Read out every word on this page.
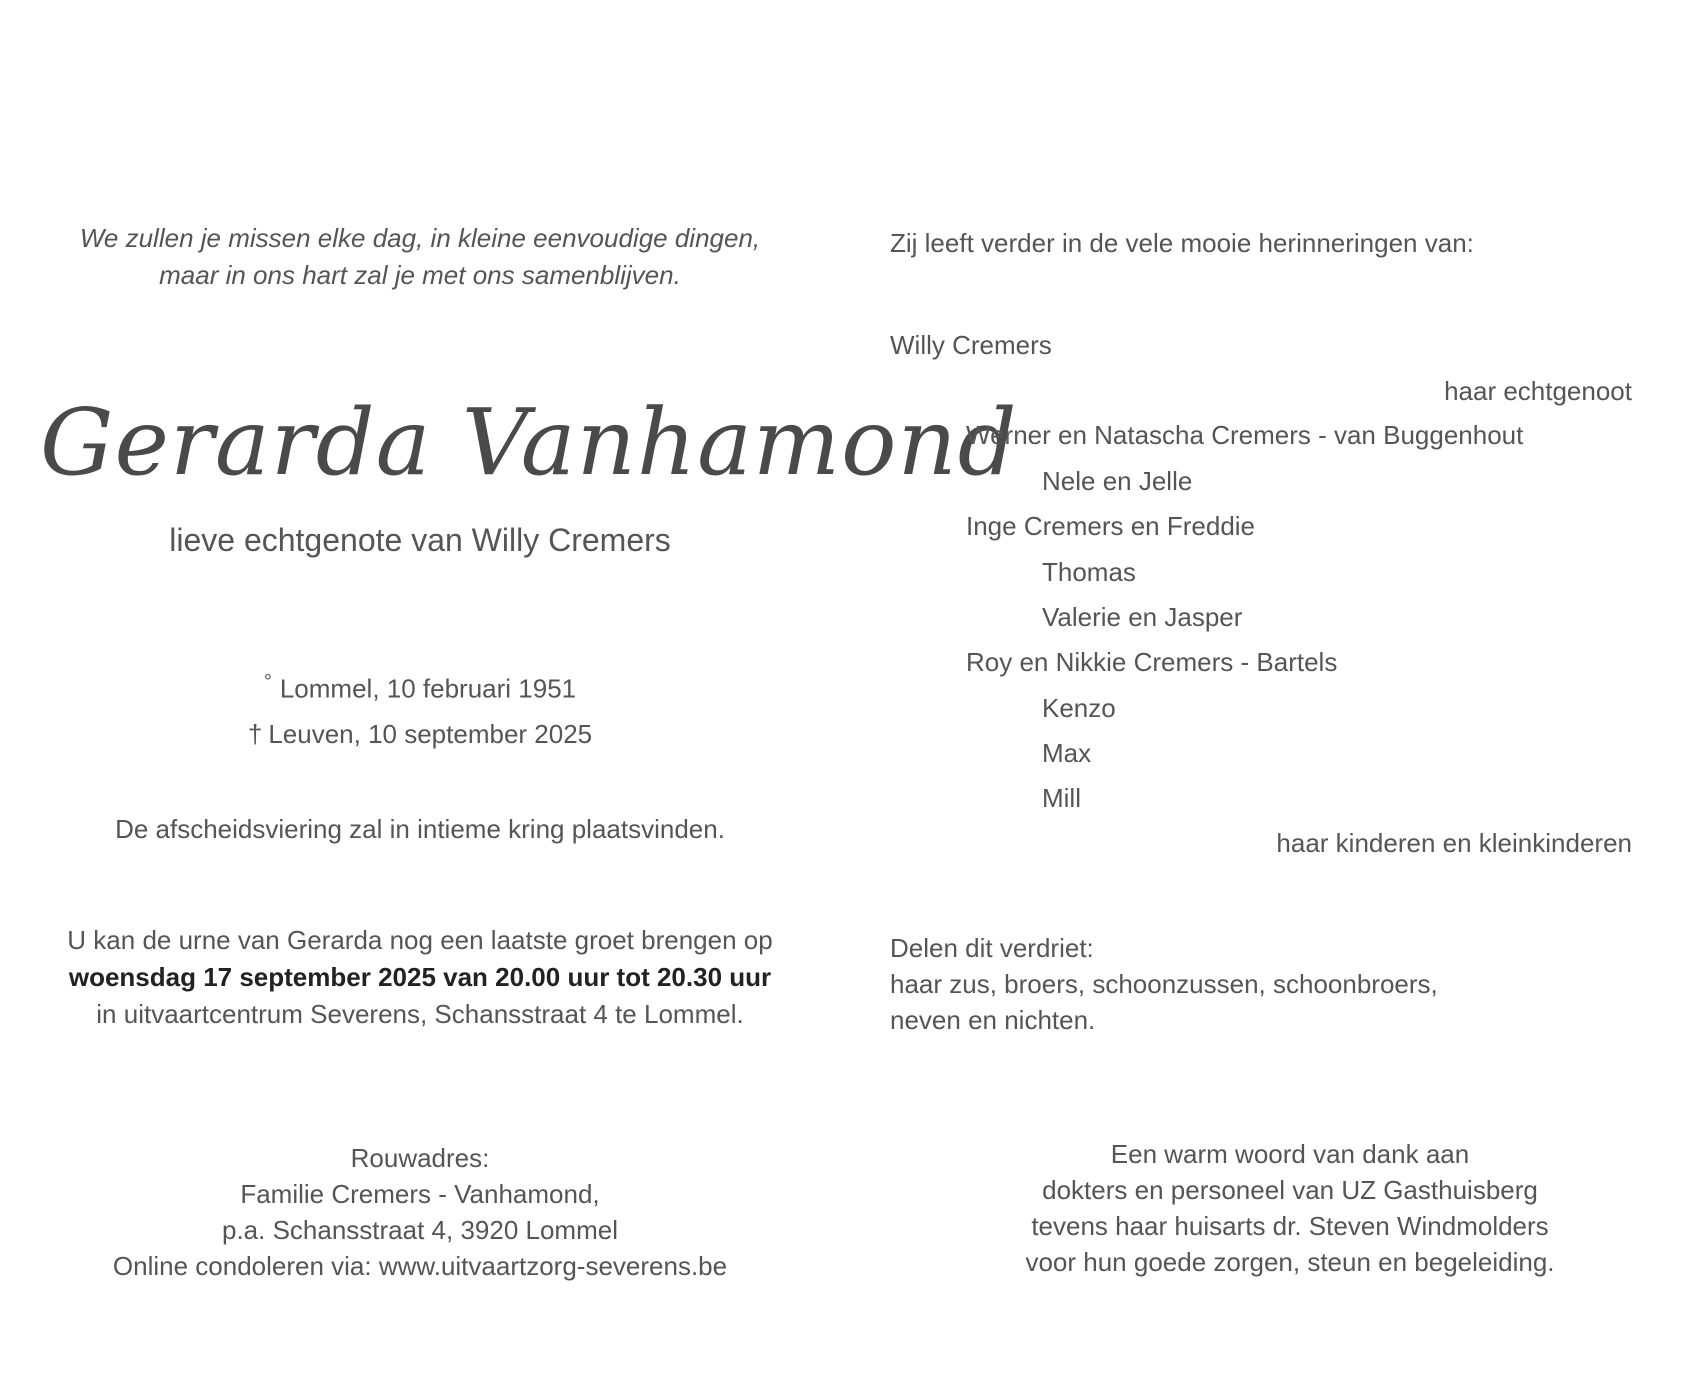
We zullen je missen elke dag, in kleine eenvoudige dingen,
maar in ons hart zal je met ons samenblijven.
Gerarda Vanhamond
lieve echtgenote van Willy Cremers
° Lommel, 10 februari 1951
† Leuven, 10 september 2025
De afscheidsviering zal in intieme kring plaatsvinden.
U kan de urne van Gerarda nog een laatste groet brengen op
woensdag 17 september 2025 van 20.00 uur tot 20.30 uur
in uitvaartcentrum Severens, Schansstraat 4 te Lommel.
Rouwadres:
Familie Cremers - Vanhamond,
p.a. Schansstraat 4, 3920 Lommel
Online condoleren via: www.uitvaartzorg-severens.be
Zij leeft verder in de vele mooie herinneringen van:
Willy Cremers
haar echtgenoot
Werner en Natascha Cremers - van Buggenhout
Nele en Jelle
Inge Cremers en Freddie
Thomas
Valerie en Jasper
Roy en Nikkie Cremers - Bartels
Kenzo
Max
Mill
haar kinderen en kleinkinderen
Delen dit verdriet:
haar zus, broers, schoonzussen, schoonbroers,
neven en nichten.
Een warm woord van dank aan
dokters en personeel van UZ Gasthuisberg
tevens haar huisarts dr. Steven Windmolders
voor hun goede zorgen, steun en begeleiding.
